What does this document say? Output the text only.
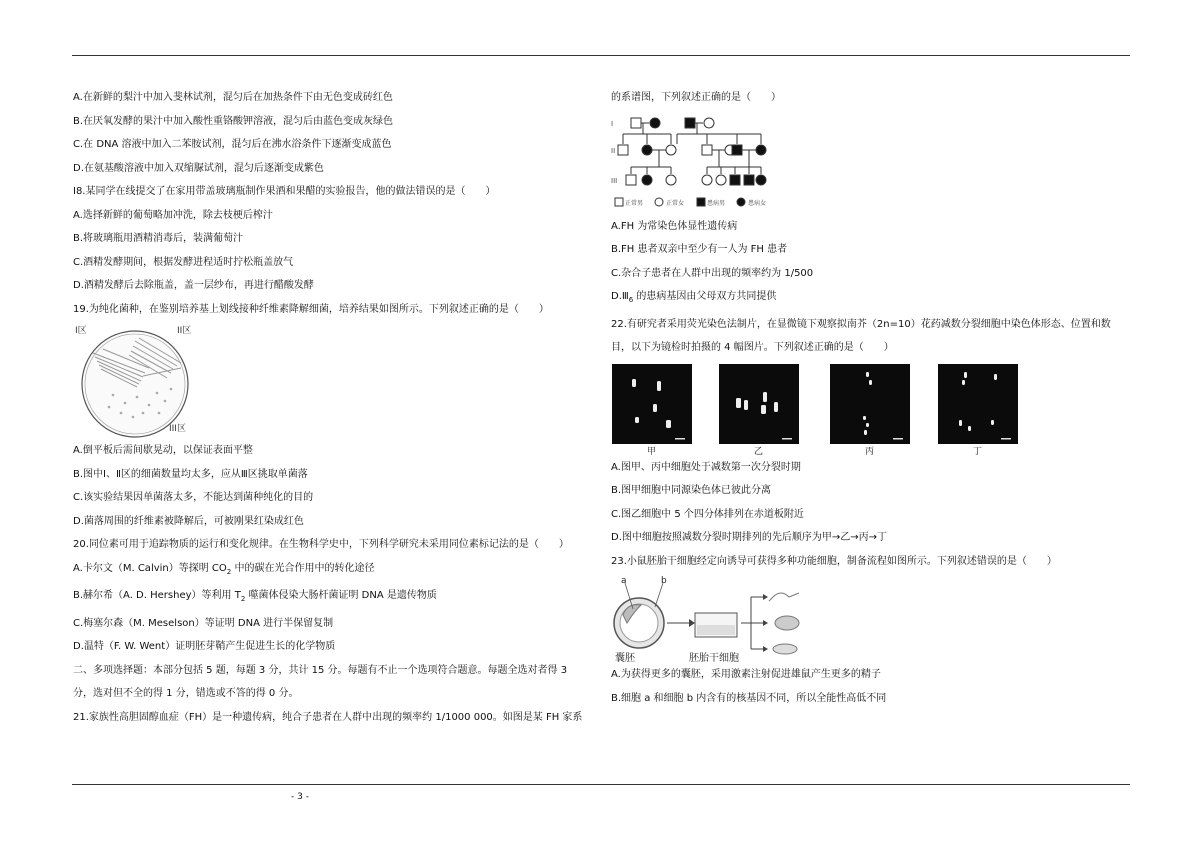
A.在新鲜的梨汁中加入斐林试剂，混匀后在加热条件下由无色变成砖红色

B.在厌氧发酵的果汁中加入酸性重铬酸钾溶液，混匀后由蓝色变成灰绿色

C.在 DNA 溶液中加入二苯胺试剂，混匀后在沸水浴条件下逐渐变成蓝色

D.在氨基酸溶液中加入双缩脲试剂，混匀后逐渐变成紫色

I8.某同学在线提交了在家用带盖玻璃瓶制作果酒和果醋的实验报告，他的做法错误的是（　　）

A.选择新鲜的葡萄略加冲洗，除去枝梗后榨汁

B.将玻璃瓶用酒精消毒后，装满葡萄汁

C.酒精发酵期间，根据发酵进程适时拧松瓶盖放气

D.酒精发酵后去除瓶盖，盖一层纱布，再进行醋酸发酵

19.为纯化菌种，在鉴别培养基上划线接种纤维素降解细菌，培养结果如图所示。下列叙述正确的是（　　）

I区	II区
III区

A.倒平板后需间歇晃动，以保证表面平整

B.图中Ⅰ、Ⅱ区的细菌数量均太多，应从Ⅲ区挑取单菌落

C.该实验结果因单菌落太多，不能达到菌种纯化的目的

D.菌落周围的纤维素被降解后，可被刚果红染成红色

20.同位素可用于追踪物质的运行和变化规律。在生物科学史中，下列科学研究未采用同位素标记法的是（　　）

A.卡尔文（M. Calvin）等探明 $CO_2$ 中的碳在光合作用中的转化途径

B.赫尔希（A. D. Hershey）等利用 $T_2$ 噬菌体侵染大肠杆菌证明 DNA 是遗传物质

C.梅塞尔森（M. Meselson）等证明 DNA 进行半保留复制

D.温特（F. W. Went）证明胚芽鞘产生促进生长的化学物质

二、多项选择题：本部分包括 5 题，每题 3 分，共计 15 分。每题有不止一个选项符合题意。每题全选对者得 3

分，选对但不全的得 1 分，错选或不答的得 0 分。

21.家族性高胆固醇血症（FH）是一种遗传病，纯合子患者在人群中出现的频率约 1/1000 000。如图是某 FH 家系

的系谱图，下列叙述正确的是（　　）

I
II
III
正常男	正常女	患病男	患病女

A.FH 为常染色体显性遗传病

B.FH 患者双亲中至少有一人为 FH 患者

C.杂合子患者在人群中出现的频率约为 1/500

$D.Ⅲ_6$ 的患病基因由父母双方共同提供

22.有研究者采用荧光染色法制片，在显微镜下观察拟南芥（2n=10）花药减数分裂细胞中染色体形态、位置和数

目，以下为镜检时拍摄的 4 幅图片。下列叙述正确的是（　　）

甲	乙	丙	丁

A.图甲、丙中细胞处于减数第一次分裂时期

B.图甲细胞中同源染色体已彼此分离

C.图乙细胞中 5 个四分体排列在赤道板附近

D.图中细胞按照减数分裂时期排列的先后顺序为甲→乙→丙→丁

23.小鼠胚胎干细胞经定向诱导可获得多种功能细胞，制备流程如图所示。下列叙述错误的是（　　）

a	b
囊胚	胚胎干细胞

A.为获得更多的囊胚，采用激素注射促进雄鼠产生更多的精子

B.细胞 a 和细胞 b 内含有的核基因不同，所以全能性高低不同

- 3 -
